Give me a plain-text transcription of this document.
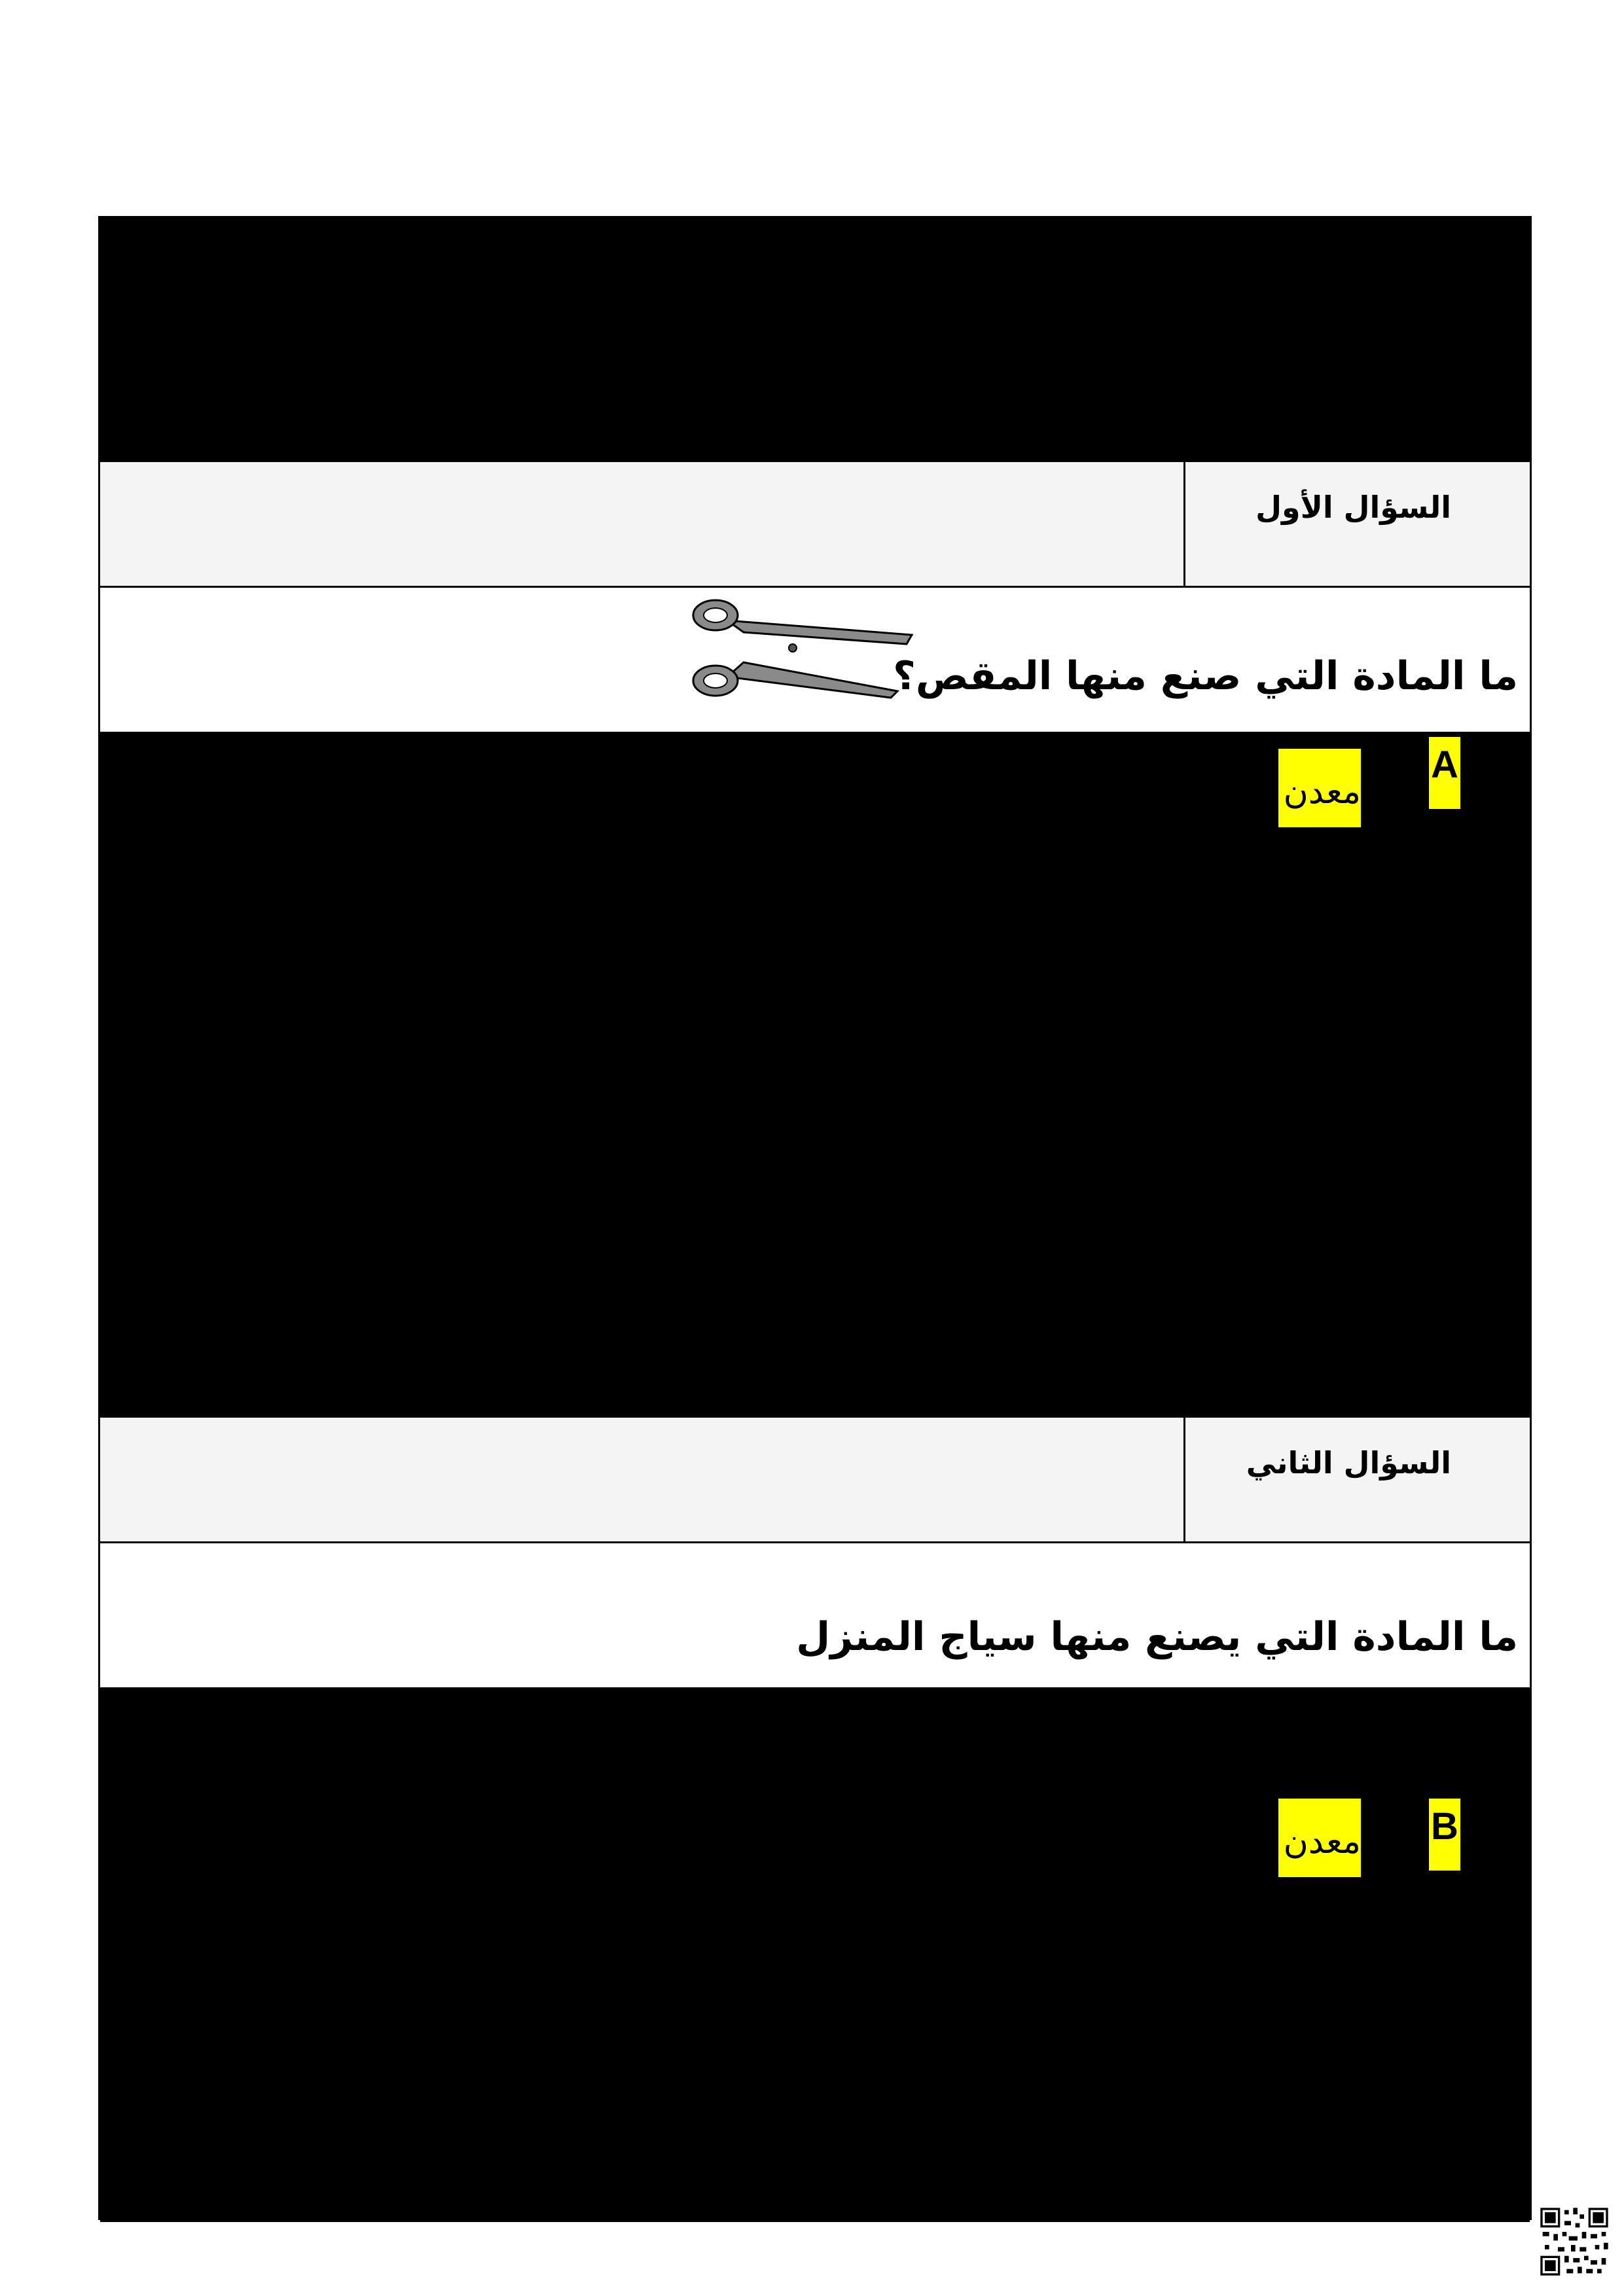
السؤال الأول
ما المادة التي صنع منها المقص؟
A
معدن
السؤال الثاني
ما المادة التي يصنع منها سياج المنزل
B
معدن
